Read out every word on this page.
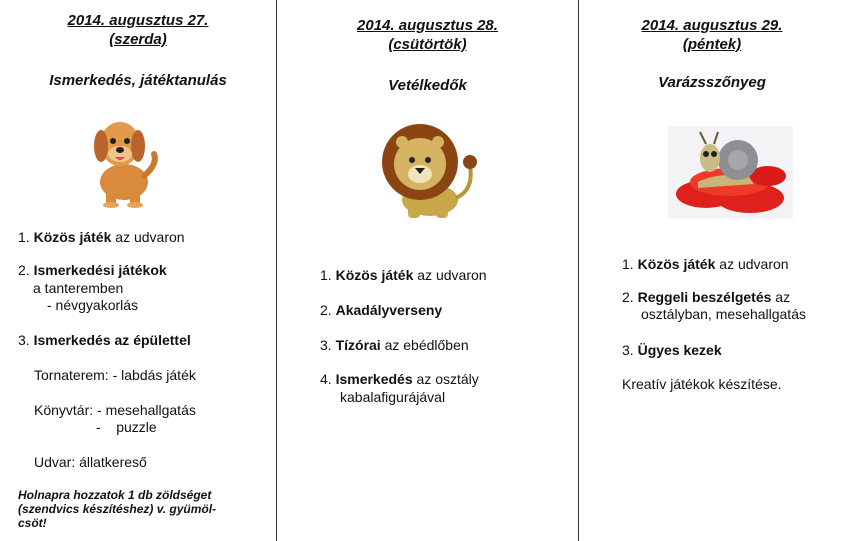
2014. augusztus 27.
(szerda)
Ismerkedés, játéktanulás
1. Közös játék az udvaron
2. Ismerkedési játékok
a tanteremben
- névgyakorlás
3. Ismerkedés az épülettel
Tornaterem: - labdás játék
Könyvtár: - mesehallgatás
-    puzzle
Udvar: állatkereső
Holnapra hozzatok 1 db zöldséget (szendvics készítéshez) v. gyümöl-csöt!
2014. augusztus 28.
(csütörtök)
Vetélkedők
1. Közös játék az udvaron
2. Akadályverseny
3. Tízórai az ebédlőben
4. Ismerkedés az osztály
kabalafigurájával
2014. augusztus 29.
(péntek)
Varázsszőnyeg
1. Közös játék az udvaron
2. Reggeli beszélgetés az
osztályban, mesehallgatás
3. Ügyes kezek
Kreatív játékok készítése.
